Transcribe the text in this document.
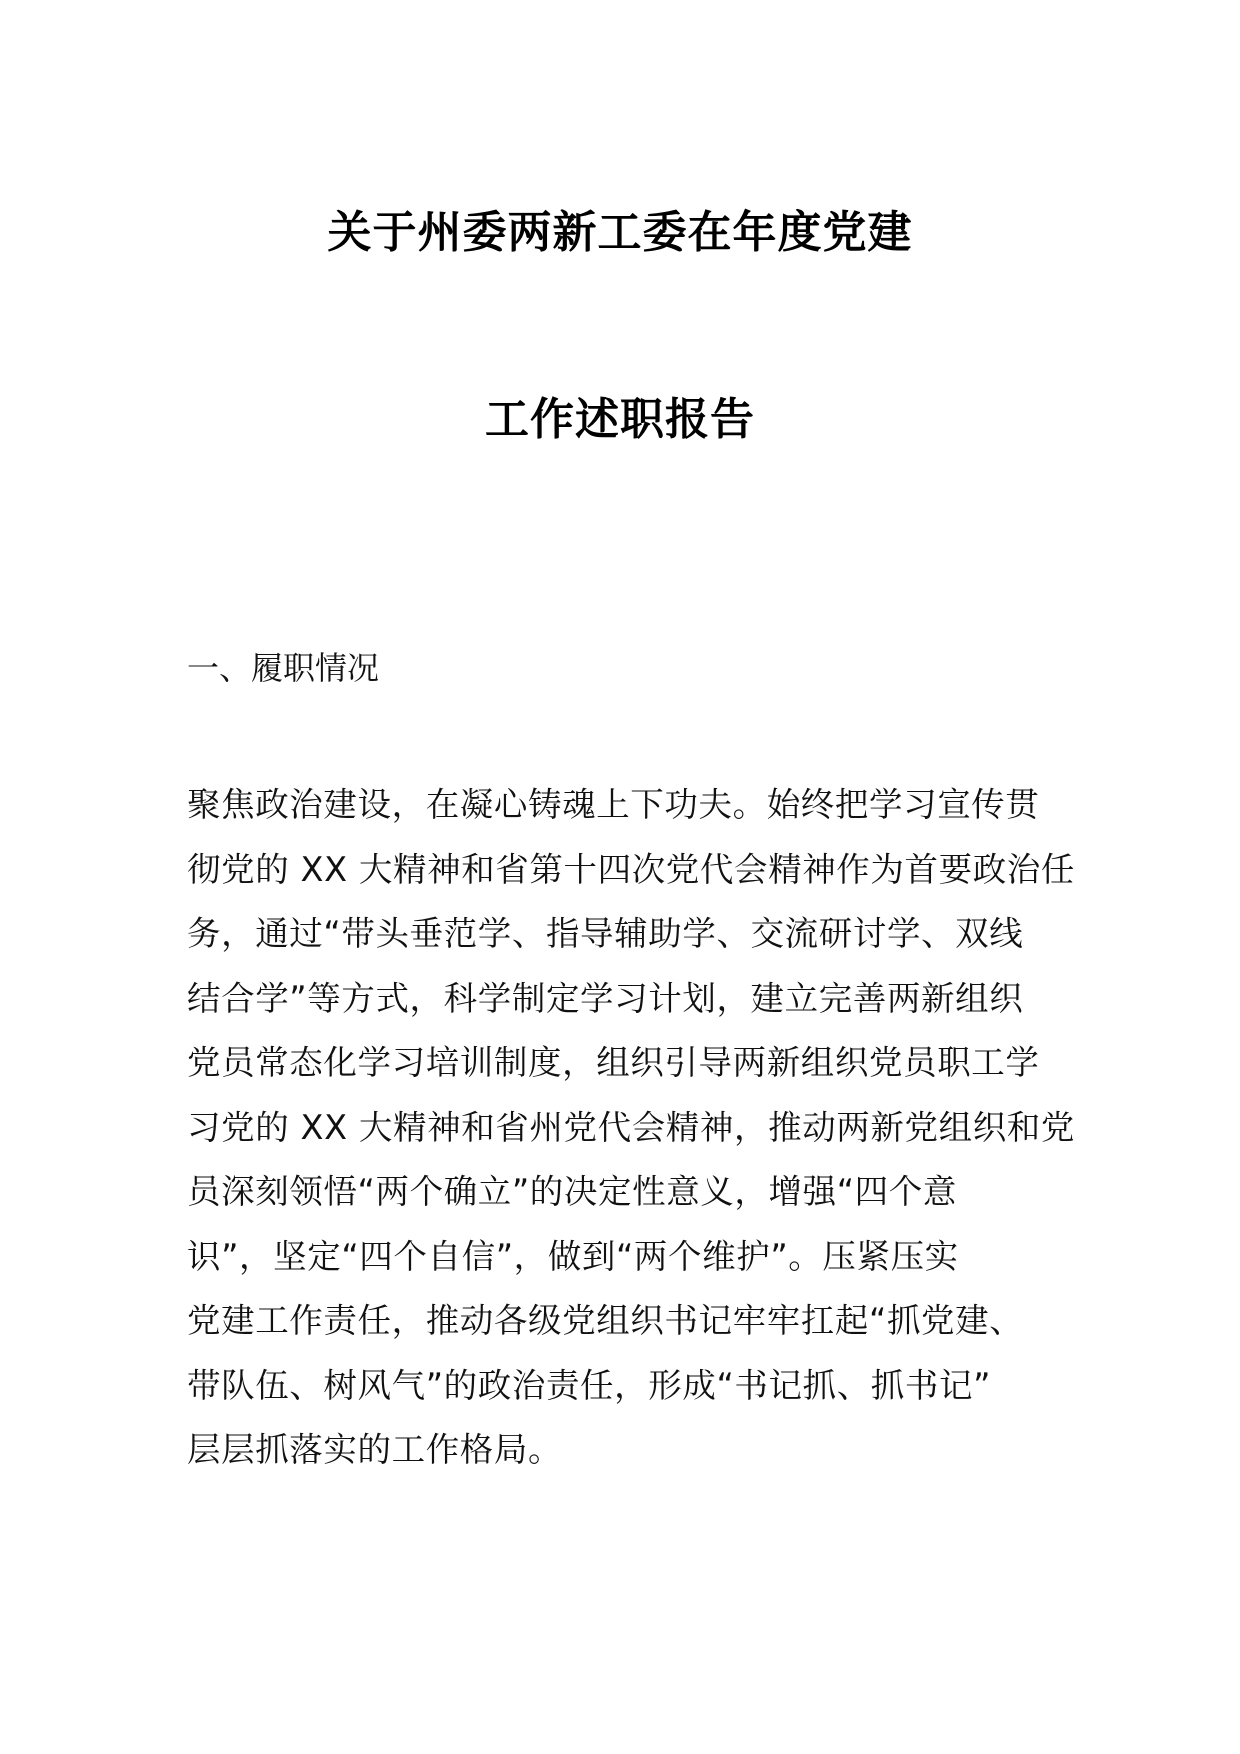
关于州委两新工委在年度党建
工作述职报告
一、履职情况
聚焦政治建设，在凝心铸魂上下功夫。始终把学习宣传贯
彻党的 XX 大精神和省第十四次党代会精神作为首要政治任
务，通过“带头垂范学、指导辅助学、交流研讨学、双线
结合学”等方式，科学制定学习计划，建立完善两新组织
党员常态化学习培训制度，组织引导两新组织党员职工学
习党的 XX 大精神和省州党代会精神，推动两新党组织和党
员深刻领悟“两个确立”的决定性意义，增强“四个意
识”，坚定“四个自信”，做到“两个维护”。压紧压实
党建工作责任，推动各级党组织书记牢牢扛起“抓党建、
带队伍、树风气”的政治责任，形成“书记抓、抓书记”
层层抓落实的工作格局。
